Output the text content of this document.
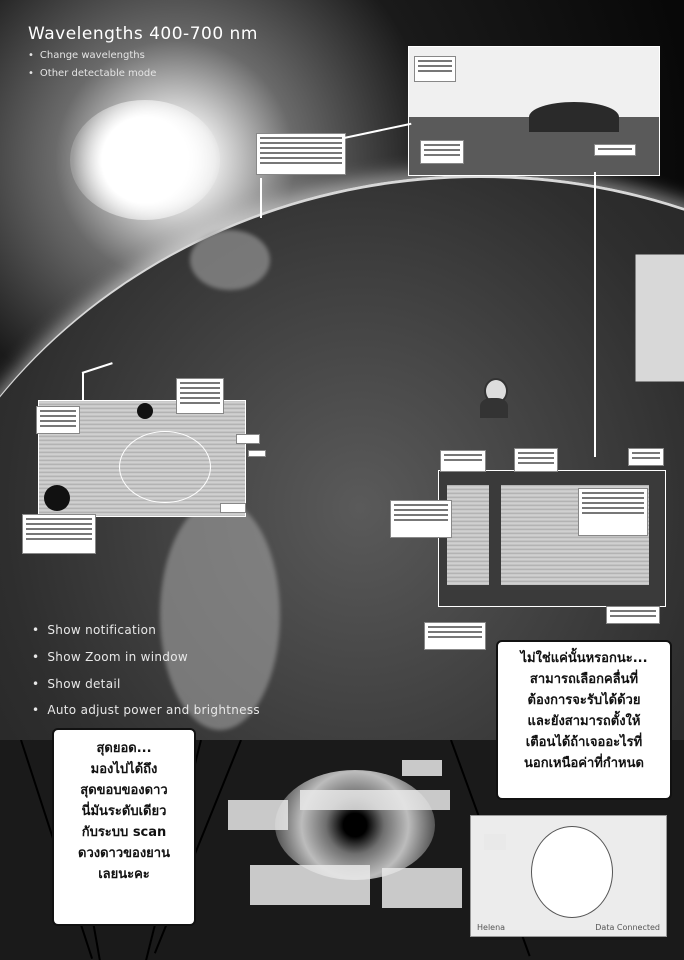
Wavelengths 400-700 nm
• Change wavelengths
• Other detectable mode
• Show notification
• Show Zoom in window
• Show detail
• Auto adjust power and brightness
Helena	Data Connected
ไม่ใช่แค่นั้นหรอกนะ...
สามารถเลือกคลื่นที่
ต้องการจะรับได้ด้วย
และยังสามารถตั้งให้
เตือนได้ถ้าเจออะไรที่
นอกเหนือค่าที่กำหนด
สุดยอด...
มองไปได้ถึง
สุดขอบของดาว
นี่มันระดับเดียว
กับระบบ scan
ดวงดาวของยาน
เลยนะคะ
